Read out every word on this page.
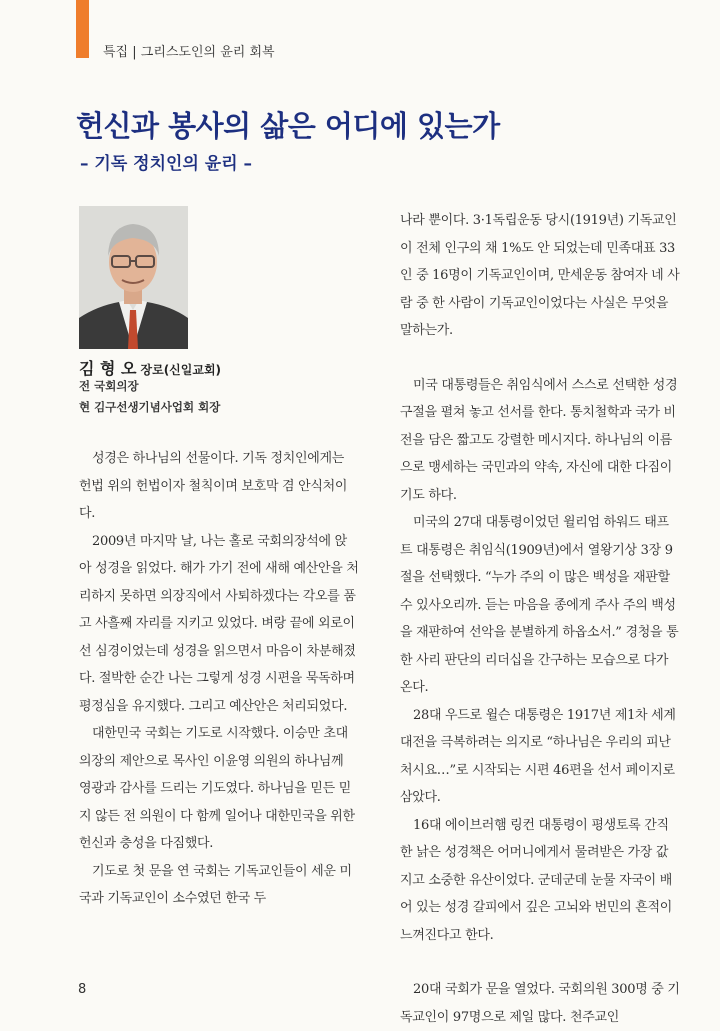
특집 | 그리스도인의 윤리 회복
헌신과 봉사의 삶은 어디에 있는가
– 기독 정치인의 윤리 –
김 형 오 장로(신일교회)
전 국회의장
현 김구선생기념사업회 회장

성경은 하나님의 선물이다. 기독 정치인에게는 헌법 위의 헌법이자 철칙이며 보호막 겸 안식처이다.

2009년 마지막 날, 나는 홀로 국회의장석에 앉아 성경을 읽었다. 해가 가기 전에 새해 예산안을 처리하지 못하면 의장직에서 사퇴하겠다는 각오를 품고 사흘째 자리를 지키고 있었다. 벼랑 끝에 외로이 선 심경이었는데 성경을 읽으면서 마음이 차분해졌다. 절박한 순간 나는 그렇게 성경 시편을 묵독하며 평정심을 유지했다. 그리고 예산안은 처리되었다.

대한민국 국회는 기도로 시작했다. 이승만 초대 의장의 제안으로 목사인 이윤영 의원의 하나님께 영광과 감사를 드리는 기도였다. 하나님을 믿든 믿지 않든 전 의원이 다 함께 일어나 대한민국을 위한 헌신과 충성을 다짐했다.

기도로 첫 문을 연 국회는 기독교인들이 세운 미국과 기독교인이 소수였던 한국 두

나라 뿐이다. 3·1독립운동 당시(1919년) 기독교인이 전체 인구의 채 1%도 안 되었는데 민족대표 33인 중 16명이 기독교인이며, 만세운동 참여자 네 사람 중 한 사람이 기독교인이었다는 사실은 무엇을 말하는가.

미국 대통령들은 취임식에서 스스로 선택한 성경 구절을 펼쳐 놓고 선서를 한다. 통치철학과 국가 비전을 담은 짧고도 강렬한 메시지다. 하나님의 이름으로 맹세하는 국민과의 약속, 자신에 대한 다짐이기도 하다.

미국의 27대 대통령이었던 윌리엄 하워드 태프트 대통령은 취임식(1909년)에서 열왕기상 3장 9절을 선택했다. “누가 주의 이 많은 백성을 재판할 수 있사오리까. 듣는 마음을 종에게 주사 주의 백성을 재판하여 선악을 분별하게 하옵소서.” 경청을 통한 사리 판단의 리더십을 간구하는 모습으로 다가온다.

28대 우드로 윌슨 대통령은 1917년 제1차 세계대전을 극복하려는 의지로 “하나님은 우리의 피난처시요…”로 시작되는 시편 46편을 선서 페이지로 삼았다.

16대 에이브러햄 링컨 대통령이 평생토록 간직한 낡은 성경책은 어머니에게서 물려받은 가장 값지고 소중한 유산이었다. 군데군데 눈물 자국이 배어 있는 성경 갈피에서 깊은 고뇌와 번민의 흔적이 느껴진다고 한다.

20대 국회가 문을 열었다. 국회의원 300명 중 기독교인이 97명으로 제일 많다. 천주교인

8
